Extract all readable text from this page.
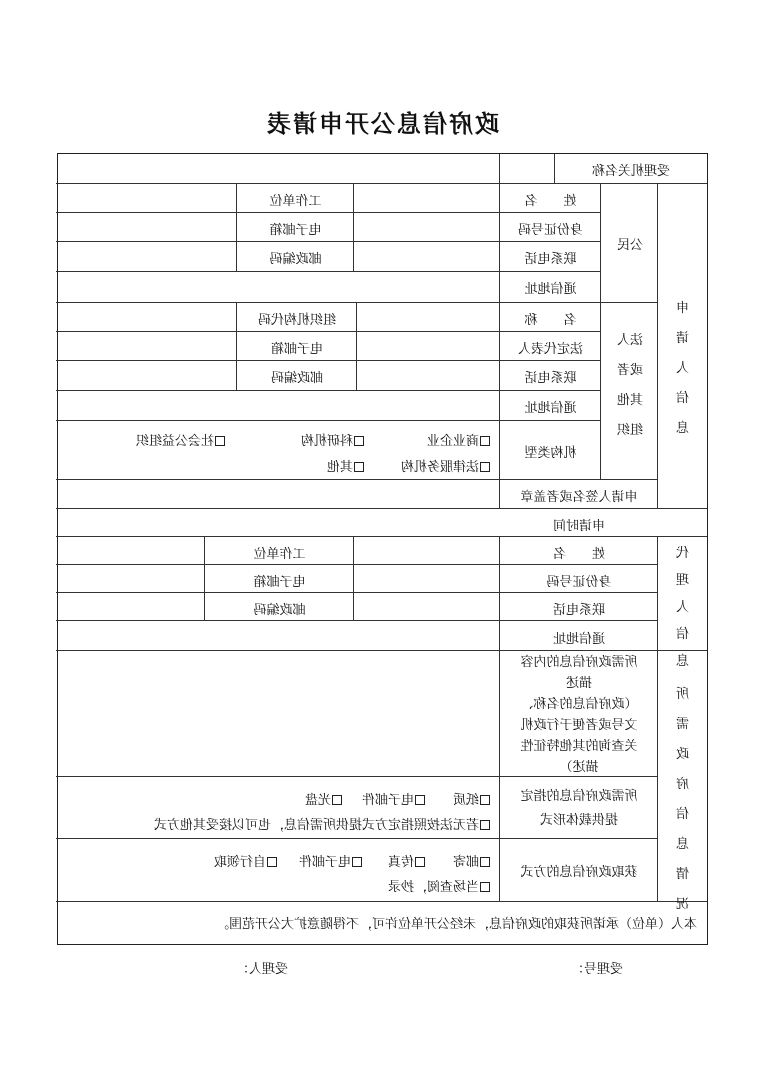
政府信息公开申请表
受理机关名称
申
请
人
信
息
公民
姓　　名
身份证号码
联系电话
通信地址
工作单位
电子邮箱
邮政编码
法人
或者
其他
组织
名　　称
法定代表人
联系电话
通信地址
机构类型
组织机构代码
电子邮箱
邮政编码
商业企业
科研机构
社会公益组织
法律服务机构
其他
申请人签名或者盖章
申请时间
代
理
人
信
息
姓　　名
身份证号码
联系电话
通信地址
工作单位
电子邮箱
邮政编码
所
需
政
府
信
息
情
况
所需政府信息的内容
描述
（政府信息的名称、
文号或者便于行政机
关查询的其他特征性
描述）
所需政府信息的指定
提供载体形式
纸质
电子邮件
光盘
若无法按照指定方式提供所需信息，也可以接受其他方式
获取政府信息的方式
邮寄
传真
电子邮件
自行领取
当场查阅，抄录
本人（单位）承诺所获取的政府信息，未经公开单位许可，不得随意扩大公开范围。
受理号：
受理人：
